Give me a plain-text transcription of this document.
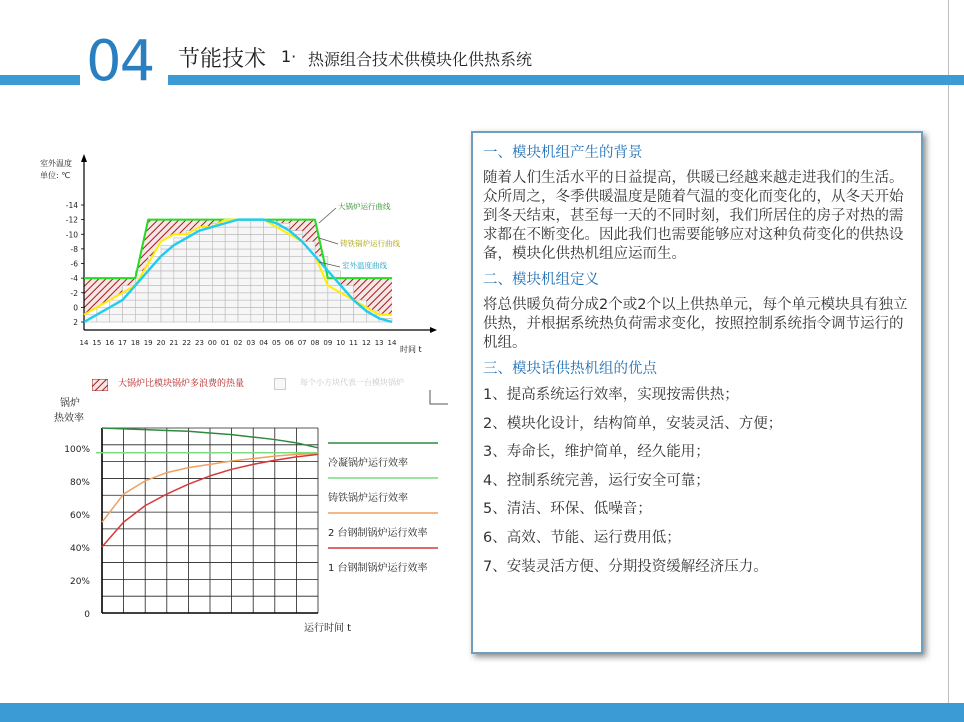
04 节能技术 1· 热源组合技术供模块化供热系统
-14
-12
-10
-8
-6
-4
-2
0
2
14 15 16 17 18 19 20 21 22 23 00 01 02 03 04 05 06 07 08 09 10 11 12 13 14
室外温度
单位: ℃
时间 t
大锅炉运行曲线
铸铁锅炉运行曲线
室外温度曲线
大锅炉比模块锅炉多浪费的热量	每个小方块代表一台模块锅炉
100%
80%
60%
40%
20%
0
冷凝锅炉运行效率
铸铁锅炉运行效率
2 台钢制锅炉运行效率
1 台钢制锅炉运行效率
锅炉
热效率
运行时间 t
一、模块机组产生的背景
随着人们生活水平的日益提高，供暖已经越来越走进我们的生活。众所周之，冬季供暖温度是随着气温的变化而变化的，从冬天开始到冬天结束，甚至每一天的不同时刻，我们所居住的房子对热的需求都在不断变化。因此我们也需要能够应对这种负荷变化的供热设备，模块化供热机组应运而生。
二、模块机组定义
将总供暖负荷分成2个或2个以上供热单元，每个单元模块具有独立供热，并根据系统热负荷需求变化，按照控制系统指令调节运行的机组。
三、模块话供热机组的优点
1、提高系统运行效率，实现按需供热；
2、模块化设计，结构简单，安装灵活、方便；
3、寿命长，维护简单，经久能用；
4、控制系统完善，运行安全可靠；
5、清洁、环保、低噪音；
6、高效、节能、运行费用低；
7、安装灵活方便、分期投资缓解经济压力。
